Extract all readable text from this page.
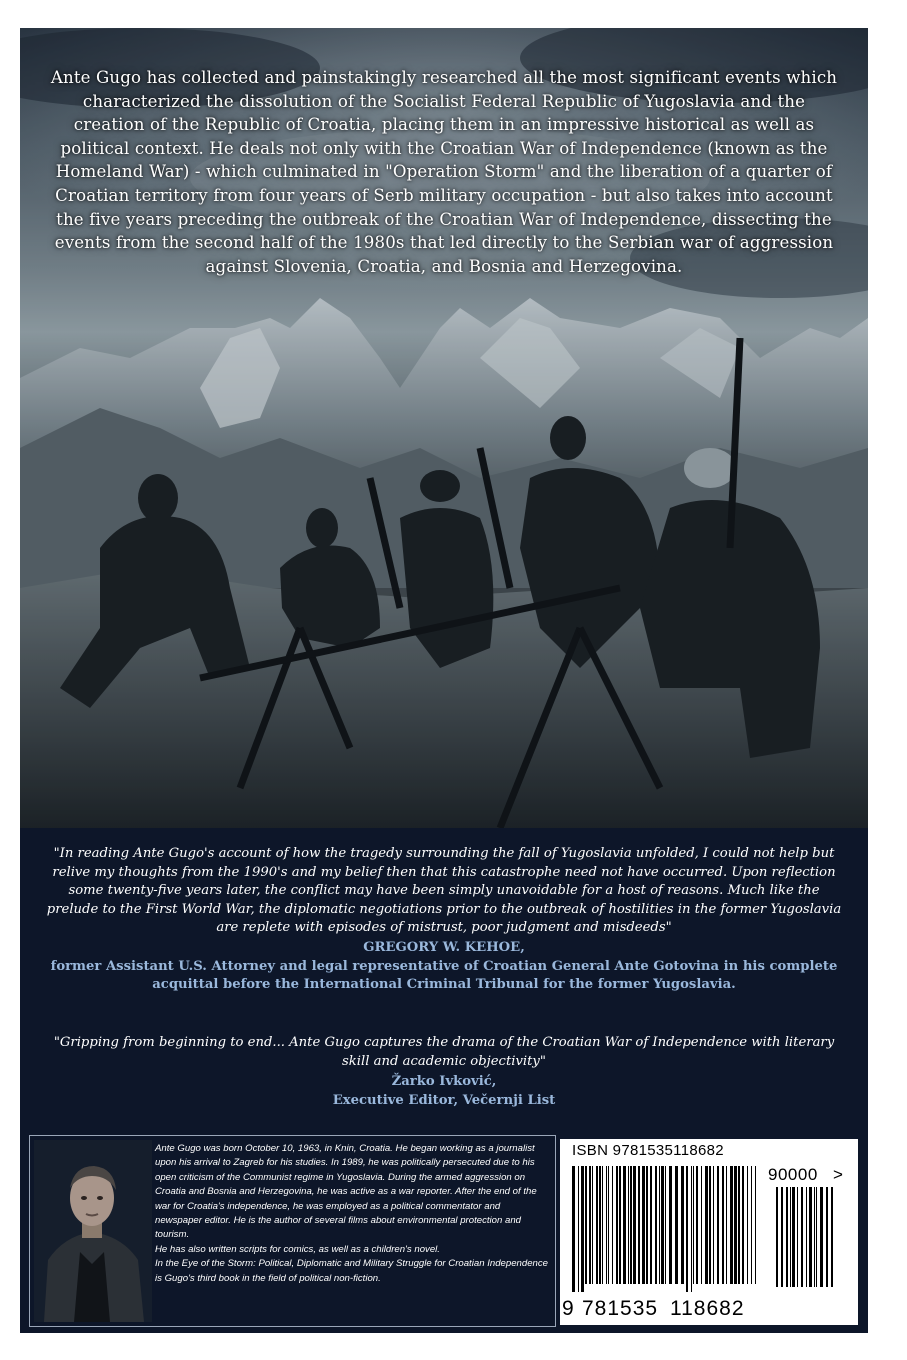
Ante Gugo has collected and painstakingly researched all the most significant events which characterized the dissolution of the Socialist Federal Republic of Yugoslavia and the creation of the Republic of Croatia, placing them in an impressive historical as well as political context. He deals not only with the Croatian War of Independence (known as the Homeland War) - which culminated in "Operation Storm" and the liberation of a quarter of Croatian territory from four years of Serb military occupation - but also takes into account the five years preceding the outbreak of the Croatian War of Independence, dissecting the events from the second half of the 1980s that led directly to the Serbian war of aggression against Slovenia, Croatia, and Bosnia and Herzegovina.
"In reading Ante Gugo's account of how the tragedy surrounding the fall of Yugoslavia unfolded, I could not help but relive my thoughts from the 1990's and my belief then that this catastrophe need not have occurred. Upon reflection some twenty-five years later, the conflict may have been simply unavoidable for a host of reasons. Much like the prelude to the First World War, the diplomatic negotiations prior to the outbreak of hostilities in the former Yugoslavia are replete with episodes of mistrust, poor judgment and misdeeds"
GREGORY W. KEHOE,
former Assistant U.S. Attorney and legal representative of Croatian General Ante Gotovina in his complete acquittal before the International Criminal Tribunal for the former Yugoslavia.
"Gripping from beginning to end... Ante Gugo captures the drama of the Croatian War of Independence with literary skill and academic objectivity"
Žarko Ivković,
Executive Editor, Večernji List

Ante Gugo was born October 10, 1963, in Knin, Croatia. He began working as a journalist upon his arrival to Zagreb for his studies. In 1989, he was politically persecuted due to his open criticism of the Communist regime in Yugoslavia. During the armed aggression on Croatia and Bosnia and Herzegovina, he was active as a war reporter. After the end of the war for Croatia's independence, he was employed as a political commentator and newspaper editor. He is the author of several films about environmental protection and tourism.

He has also written scripts for comics, as well as a children's novel.

In the Eye of the Storm: Political, Diplomatic and Military Struggle for Croatian Independence is Gugo's third book in the field of political non-fiction.

ISBN 9781535118682
90000 >
9 781535 118682
